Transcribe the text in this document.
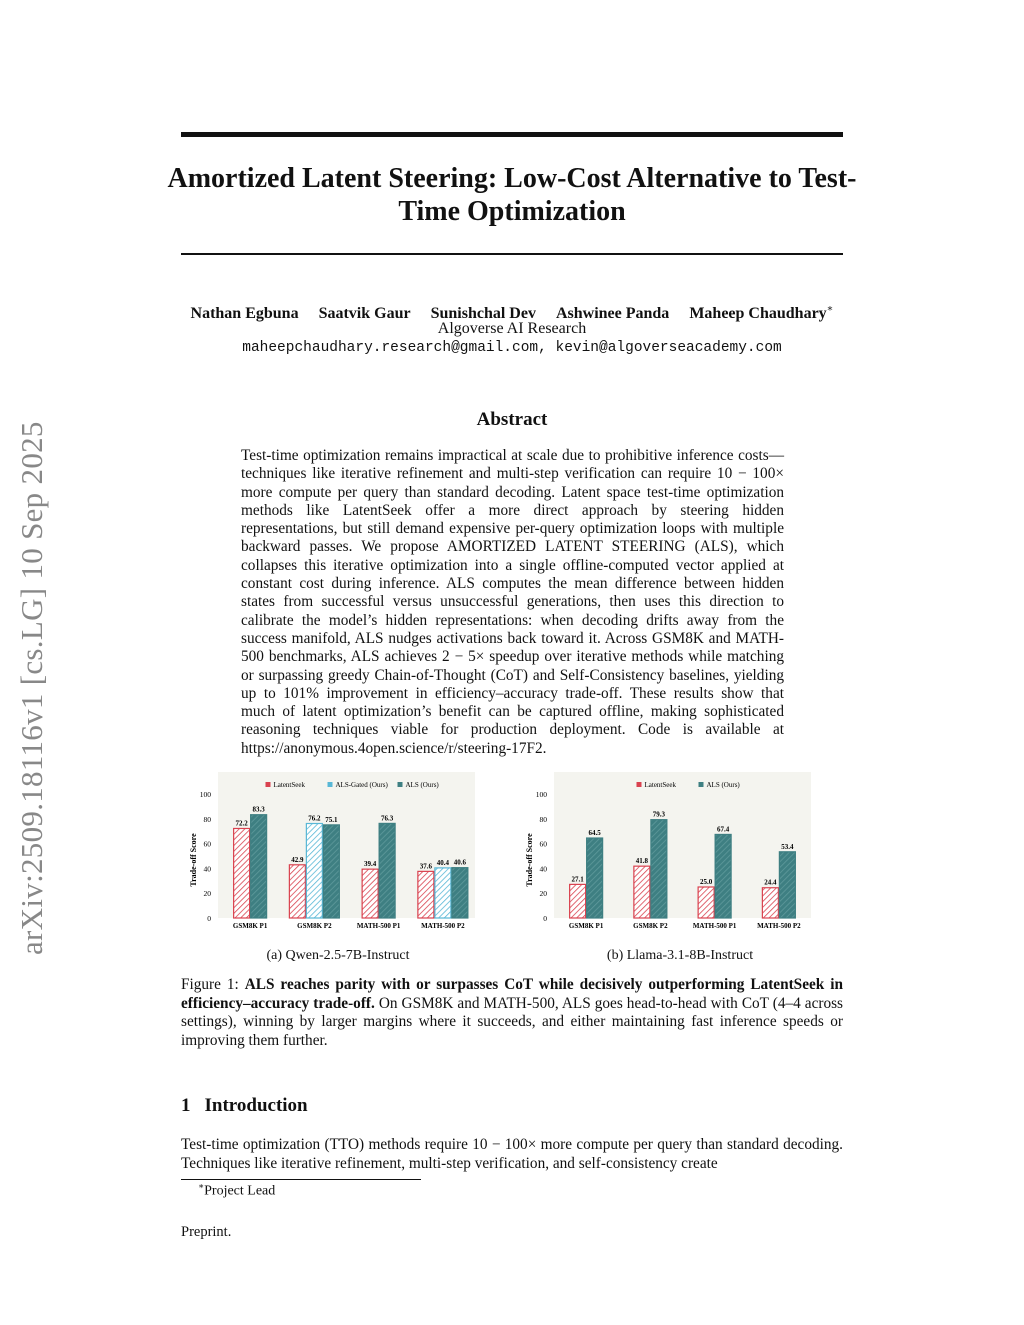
arXiv:2509.18116v1 [cs.LG] 10 Sep 2025
Amortized Latent Steering: Low-Cost Alternative to Test-Time Optimization
Nathan Egbuna Saatvik Gaur Sunishchal Dev Ashwinee Panda Maheep Chaudhary∗
Algoverse AI Research
maheepchaudhary.research@gmail.com, kevin@algoverseacademy.com
Abstract
Test-time optimization remains impractical at scale due to prohibitive inference costs—techniques like iterative refinement and multi-step verification can require 10 − 100× more compute per query than standard decoding. Latent space test-time optimization methods like LatentSeek offer a more direct approach by steering hidden representations, but still demand expensive per-query optimization loops with multiple backward passes. We propose AMORTIZED LATENT STEERING (ALS), which collapses this iterative optimization into a single offline-computed vector applied at constant cost during inference. ALS computes the mean difference between hidden states from successful versus unsuccessful generations, then uses this direction to calibrate the model’s hidden representations: when decoding drifts away from the success manifold, ALS nudges activations back toward it. Across GSM8K and MATH-500 benchmarks, ALS achieves 2 − 5× speedup over iterative methods while matching or surpassing greedy Chain-of-Thought (CoT) and Self-Consistency baselines, yielding up to 101% improvement in efficiency–accuracy trade-off. These results show that much of latent optimization’s benefit can be captured offline, making sophisticated reasoning techniques viable for production deployment. Code is available at https://anonymous.4open.science/r/steering-17F2.
Trade-off Score
0
20
40
60
80
100
LatentSeek	ALS-Gated (Ours)	ALS (Ours)
72.2
83.3
GSM8K P1
42.9
76.2 75.1
GSM8K P2
39.4
76.3
MATH-500 P1
37.6 40.4 40.6
MATH-500 P2
(a) Qwen-2.5-7B-Instruct
Trade-off Score
0
20
40
60
80
100
LatentSeek	ALS (Ours)
27.1
64.5
GSM8K P1
41.8
79.3
GSM8K P2
25.0
67.4
MATH-500 P1
24.4
53.4
MATH-500 P2
(b) Llama-3.1-8B-Instruct
Figure 1: ALS reaches parity with or surpasses CoT while decisively outperforming LatentSeek in efficiency–accuracy trade-off. On GSM8K and MATH-500, ALS goes head-to-head with CoT (4–4 across settings), winning by larger margins where it succeeds, and either maintaining fast inference speeds or improving them further.
1 Introduction
Test-time optimization (TTO) methods require 10 − 100× more compute per query than standard decoding. Techniques like iterative refinement, multi-step verification, and self-consistency create
∗Project Lead
Preprint.
